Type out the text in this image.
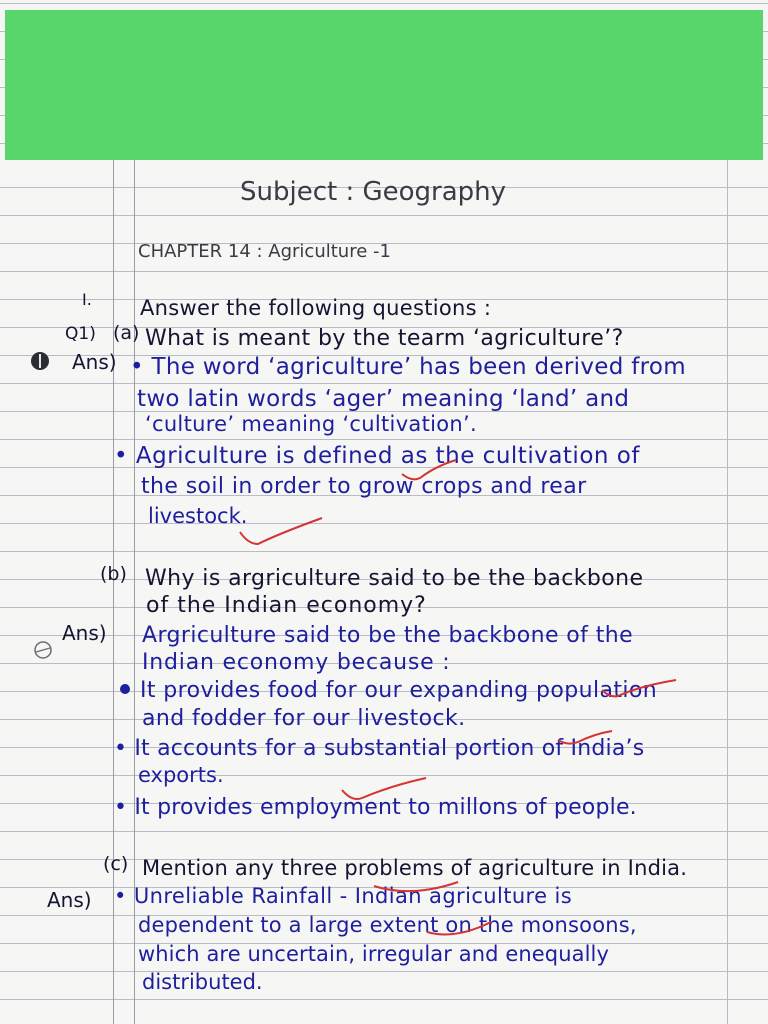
Subject : Geography
CHAPTER 14 : Agriculture -1
I. Answer the following questions :
Q1) (a) What is meant by the tearm ‘agriculture’?
Ans) • The word ‘agriculture’ has been derived from
two latin words ‘ager’ meaning ‘land’ and
‘culture’ meaning ‘cultivation’.
• Agriculture is defined as the cultivation of
the soil in order to grow crops and rear
livestock.
(b) Why is argriculture said to be the backbone
of the Indian economy?
Ans) Argriculture said to be the backbone of the
Indian economy because :
It provides food for our expanding population
and fodder for our livestock.
• It accounts for a substantial portion of India’s
exports.
• It provides employment to millons of people.
(c) Mention any three problems of agriculture in India.
Ans) • Unreliable Rainfall - Indian agriculture is
dependent to a large extent on the monsoons,
which are uncertain, irregular and enequally
distributed.
